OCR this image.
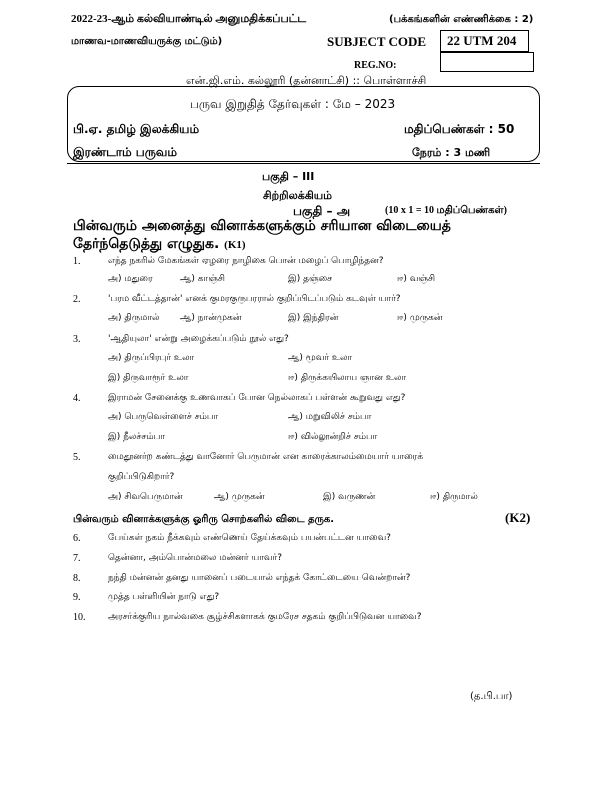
2022-23-ஆம் கல்வியாண்டில் அனுமதிக்கப்பட்ட	(பக்கங்களின் எண்ணிக்கை : 2)
மாணவ-மாணவியருக்கு மட்டும்)	SUBJECT CODE 22 UTM 204
REG.NO:
என்.ஜி.எம். கல்லூரி (தன்னாட்சி) :: பொள்ளாச்சி
பருவ இறுதித் தேர்வுகள் : மே – 2023
பி.ஏ. தமிழ் இலக்கியம்	மதிப்பெண்கள் : 50
இரண்டாம் பருவம்	நேரம் : 3 மணி
பகுதி – III
சிற்றிலக்கியம்
பகுதி – அ	(10 x 1 = 10 மதிப்பெண்கள்)
பின்வரும் அனைத்து வினாக்களுக்கும் சரியான விடையைத்
தேர்ந்தெடுத்து எழுதுக. (K1)
1.	எந்த நகரில் மேகங்கள் ஏழரை நாழிகை பொன் மழைப் பொழிந்தன?
அ) மதுரை	ஆ) காஞ்சி	இ) தஞ்சை	ஈ) வஞ்சி
2.	'பரம வீட்டத்தான்' எனக் குமரகுருபரரால் குறிப்பிடப்படும் கடவுள் யார்?
அ) திருமால் ஆ) நான்முகன்	இ) இந்திரன்	ஈ) முருகன்
3.	'ஆதியுலா' என்று அழைக்கப்படும் நூல் எது?
அ) திருப்பிரபுர் உலா	ஆ) மூவர் உலா
இ) திருவாரூர் உலா	ஈ) திருக்கயிலாய ஞான உலா
4.	இராமன் சேனைக்கு உணவாகப் போன நெல்லாகப் பள்ளன் கூறுவது எது?
அ) பெருவெள்ளைச் சம்பா	ஆ) மறுவிலிச் சம்பா
இ) நீலச்சம்பா	ஈ) வில்லூன்றிச் சம்பா
5.	மைதூனர்ற கண்டத்து வானோர் பெருமான் என காரைக்காலம்மையார் யாரைக்
குறிப்பிடுகிறார்?
அ) சிவபெருமான்	ஆ) முருகன்	இ) வருணன்	ஈ) திருமால்
பின்வரும் வினாக்களுக்கு ஓரிரு சொற்களில் விடை தருக.	(K2)
6.	பேய்கள் நகம் நீக்கவும் எண்ணெய் தேய்க்கவும் பயன்பட்டன யாவை?
7.	தென்னா, அம்பொன்மலை மன்னர் யாவர்?
8.	நந்தி மன்னன் தனது யானைப் படையால் எந்தக் கோட்டையை வென்றான்?
9.	முத்த பள்ளியின் நாடு எது?
10.	அரசர்க்குரிய நால்வகை சூழ்ச்சிகளாகக் குமரேச சதகம் குறிப்பிடுவன யாவை?
(த.பி.பா)
